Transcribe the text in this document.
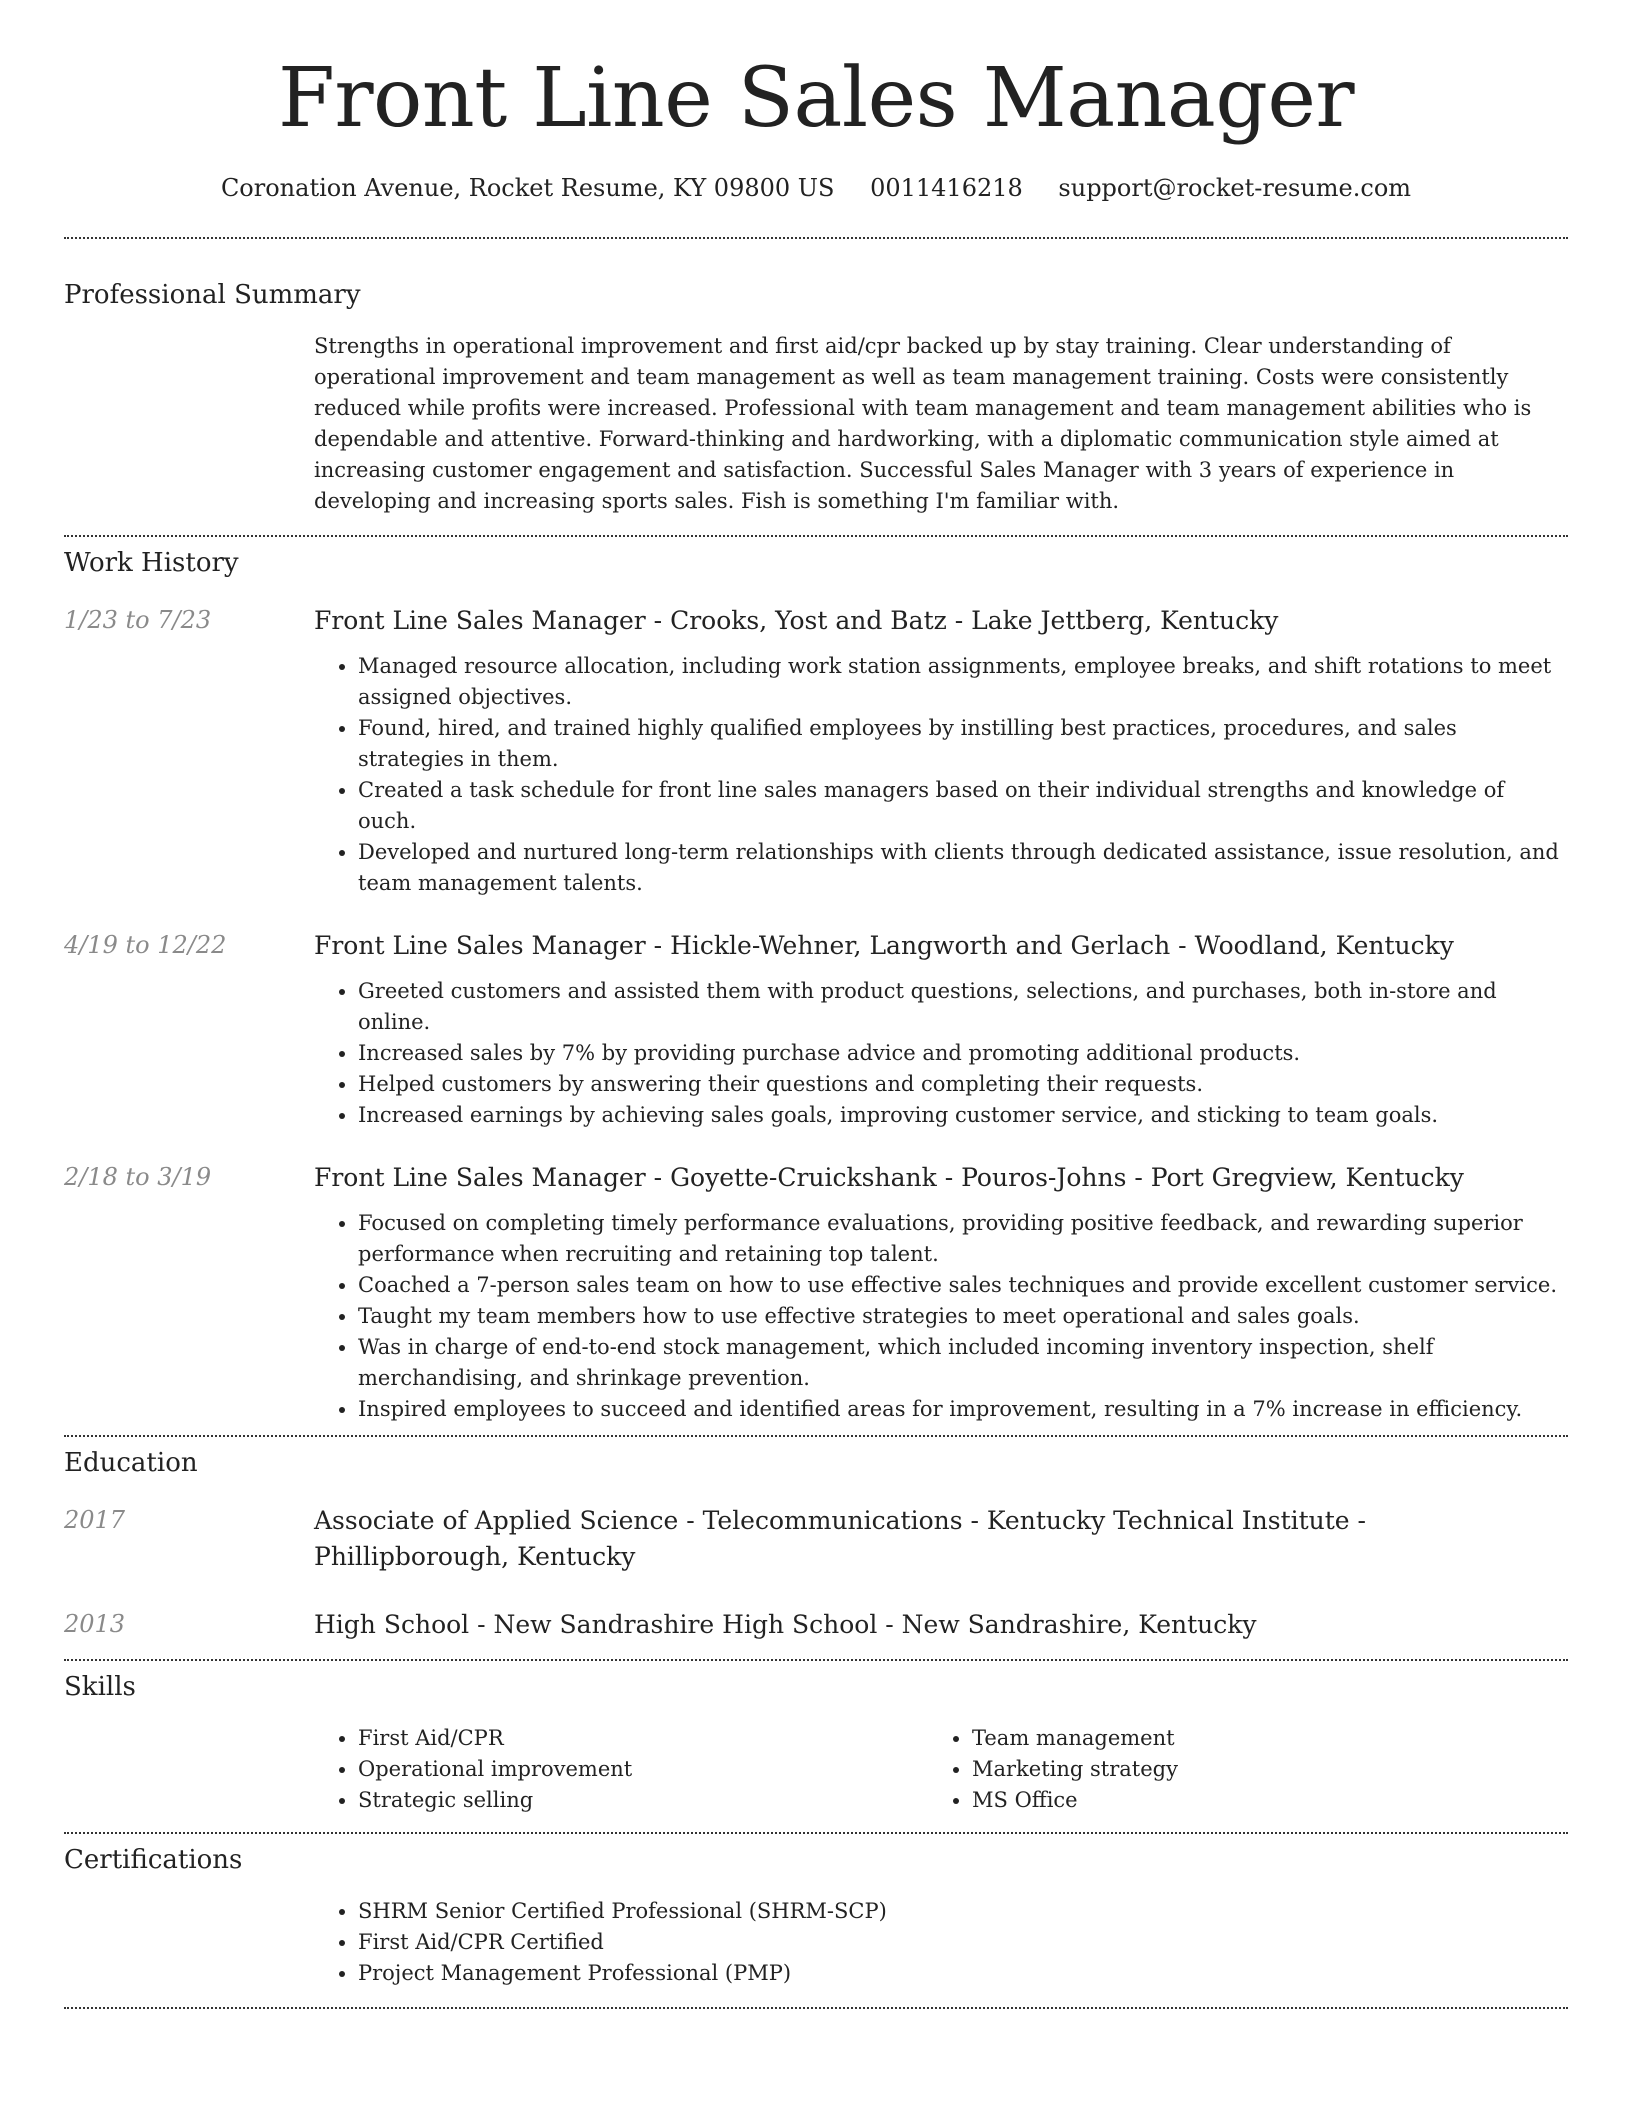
Front Line Sales Manager
Coronation Avenue, Rocket Resume, KY 09800 US 0011416218 support@rocket-resume.com
Professional Summary

Strengths in operational improvement and first aid/cpr backed up by stay training. Clear understanding of operational improvement and team management as well as team management training. Costs were consistently reduced while profits were increased. Professional with team management and team management abilities who is dependable and attentive. Forward-thinking and hardworking, with a diplomatic communication style aimed at increasing customer engagement and satisfaction. Successful Sales Manager with 3 years of experience in developing and increasing sports sales. Fish is something I'm familiar with.

Work History
1/23 to 7/23	Front Line Sales Manager - Crooks, Yost and Batz - Lake Jettberg, Kentucky
• Managed resource allocation, including work station assignments, employee breaks, and shift rotations to meet assigned objectives.
• Found, hired, and trained highly qualified employees by instilling best practices, procedures, and sales strategies in them.
• Created a task schedule for front line sales managers based on their individual strengths and knowledge of ouch.
• Developed and nurtured long-term relationships with clients through dedicated assistance, issue resolution, and team management talents.
4/19 to 12/22	Front Line Sales Manager - Hickle-Wehner, Langworth and Gerlach - Woodland, Kentucky
• Greeted customers and assisted them with product questions, selections, and purchases, both in-store and online.
• Increased sales by 7% by providing purchase advice and promoting additional products.
• Helped customers by answering their questions and completing their requests.
• Increased earnings by achieving sales goals, improving customer service, and sticking to team goals.
2/18 to 3/19	Front Line Sales Manager - Goyette-Cruickshank - Pouros-Johns - Port Gregview, Kentucky
• Focused on completing timely performance evaluations, providing positive feedback, and rewarding superior performance when recruiting and retaining top talent.
• Coached a 7-person sales team on how to use effective sales techniques and provide excellent customer service.
• Taught my team members how to use effective strategies to meet operational and sales goals.
• Was in charge of end-to-end stock management, which included incoming inventory inspection, shelf merchandising, and shrinkage prevention.
• Inspired employees to succeed and identified areas for improvement, resulting in a 7% increase in efficiency.
Education
2017	Associate of Applied Science - Telecommunications - Kentucky Technical Institute - Phillipborough, Kentucky
2013	High School - New Sandrashire High School - New Sandrashire, Kentucky
Skills
• First Aid/CPR
• Operational improvement
• Strategic selling
• Team management
• Marketing strategy
• MS Office
Certifications
• SHRM Senior Certified Professional (SHRM-SCP)
• First Aid/CPR Certified
• Project Management Professional (PMP)
